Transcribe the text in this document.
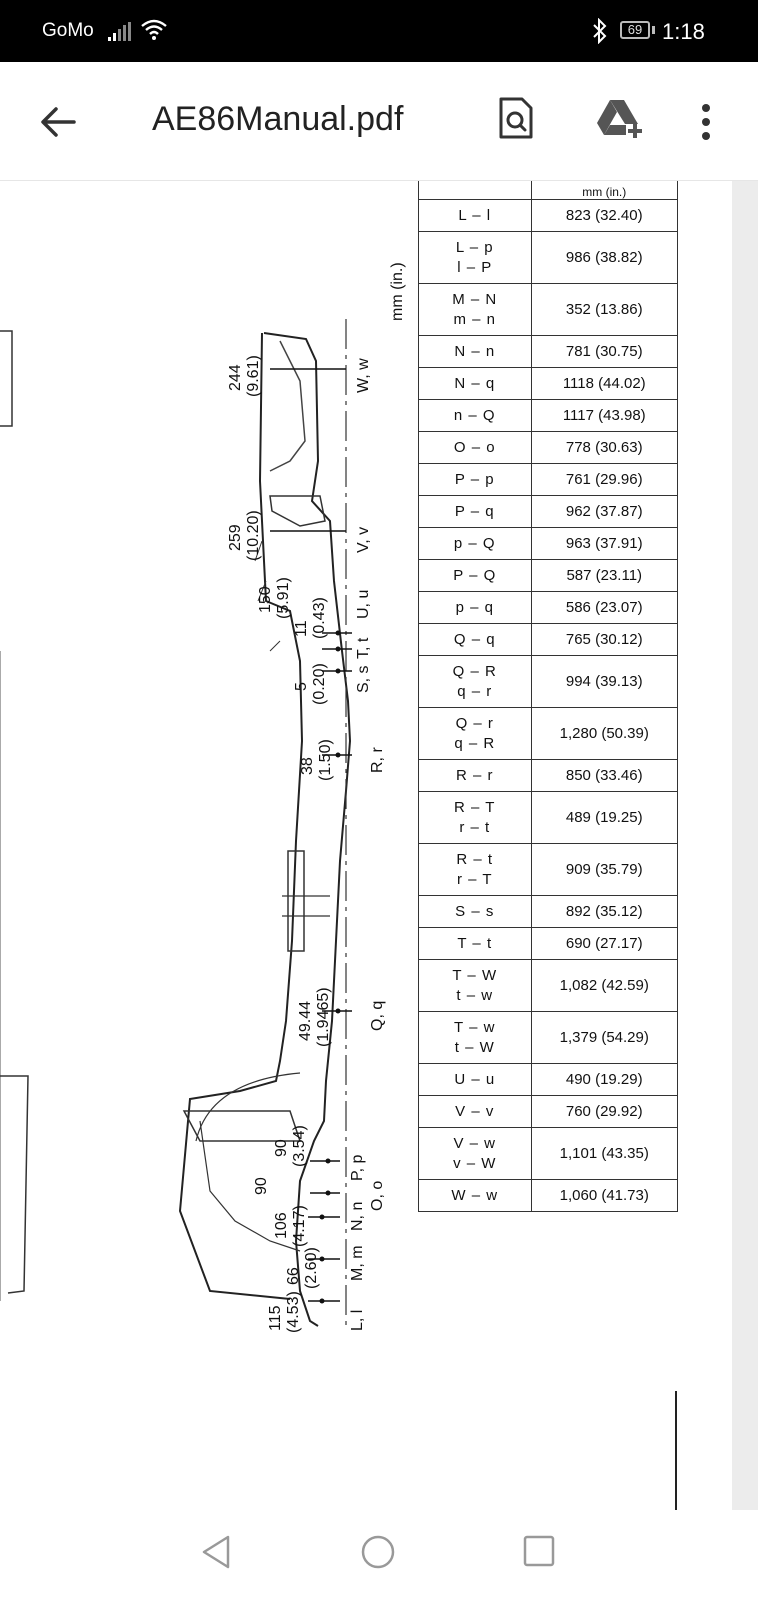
GoMo	69 1:18
AE86Manual.pdf
mm (in.)
W, w
V, v
U, u
T, t
S, s
R, r
Q, q
P, p
O, o
N, n
M, m
L, l
244 (9.61)
259 (10.20)
150 (5.91)
11 (0.43)
5 (0.20)
38 (1.50)
49.44 (1.9465)
90 (3.54)
90
106 (4.17)
66 (2.60)
115 (4.53)
	mm (in.)

L – l	823 (32.40)

L – p
l – P	986 (38.82)

M – N
m – n	352 (13.86)

N – n	781 (30.75)

N – q	1118 (44.02)

n – Q	1117 (43.98)

O – o	778 (30.63)

P – p	761 (29.96)

P – q	962 (37.87)

p – Q	963 (37.91)

P – Q	587 (23.11)

p – q	586 (23.07)

Q – q	765 (30.12)

Q – R
q – r	994 (39.13)

Q – r
q – R	1,280 (50.39)

R – r	850 (33.46)

R – T
r – t	489 (19.25)

R – t
r – T	909 (35.79)

S – s	892 (35.12)

T – t	690 (27.17)

T – W
t – w	1,082 (42.59)

T – w
t – W	1,379 (54.29)

U – u	490 (19.29)

V – v	760 (29.92)

V – w
v – W	1,101 (43.35)

W – w	1,060 (41.73)
